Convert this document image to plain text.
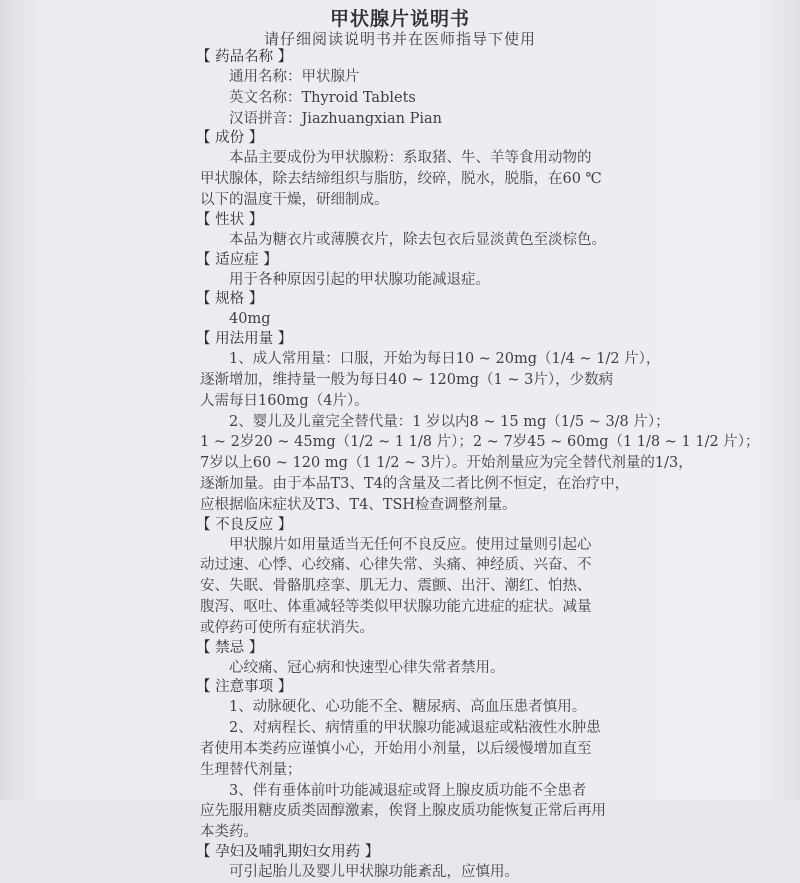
甲状腺片说明书
请仔细阅读说明书并在医师指导下使用
【 药品名称 】
通用名称：甲状腺片
英文名称：Thyroid Tablets
汉语拼音：Jiazhuangxian Pian
【 成份 】
本品主要成份为甲状腺粉：系取猪、牛、羊等食用动物的
甲状腺体，除去结缔组织与脂肪，绞碎，脱水，脱脂，在60 ℃
以下的温度干燥，研细制成。
【 性状 】
本品为糖衣片或薄膜衣片，除去包衣后显淡黄色至淡棕色。
【 适应症 】
用于各种原因引起的甲状腺功能减退症。
【 规格 】
40mg
【 用法用量 】
1、成人常用量：口服，开始为每日10 ~ 20mg（1/4 ~ 1/2 片），
逐渐增加，维持量一般为每日40 ~ 120mg（1 ~ 3片），少数病
人需每日160mg（4片）。
2、婴儿及儿童完全替代量：1 岁以内8 ~ 15 mg（1/5 ~ 3/8 片）；
1 ~ 2岁20 ~ 45mg（1/2 ~ 1 1/8 片）；2 ~ 7岁45 ~ 60mg（1 1/8 ~ 1 1/2 片）；
7岁以上60 ~ 120 mg（1 1/2 ~ 3片）。开始剂量应为完全替代剂量的1/3，
逐渐加量。由于本品T3、T4的含量及二者比例不恒定，在治疗中，
应根据临床症状及T3、T4、TSH检查调整剂量。
【 不良反应 】
甲状腺片如用量适当无任何不良反应。使用过量则引起心
动过速、心悸、心绞痛、心律失常、头痛、神经质、兴奋、不
安、失眠、骨骼肌痉挛、肌无力、震颤、出汗、潮红、怕热、
腹泻、呕吐、体重减轻等类似甲状腺功能亢进症的症状。减量
或停药可使所有症状消失。
【 禁忌 】
心绞痛、冠心病和快速型心律失常者禁用。
【 注意事项 】
1、动脉硬化、心功能不全、糖尿病、高血压患者慎用。
2、对病程长、病情重的甲状腺功能减退症或粘液性水肿患
者使用本类药应谨慎小心，开始用小剂量，以后缓慢增加直至
生理替代剂量；
3、伴有垂体前叶功能减退症或肾上腺皮质功能不全患者
应先服用糖皮质类固醇激素，俟肾上腺皮质功能恢复正常后再用
本类药。
【 孕妇及哺乳期妇女用药 】
可引起胎儿及婴儿甲状腺功能紊乱，应慎用。
